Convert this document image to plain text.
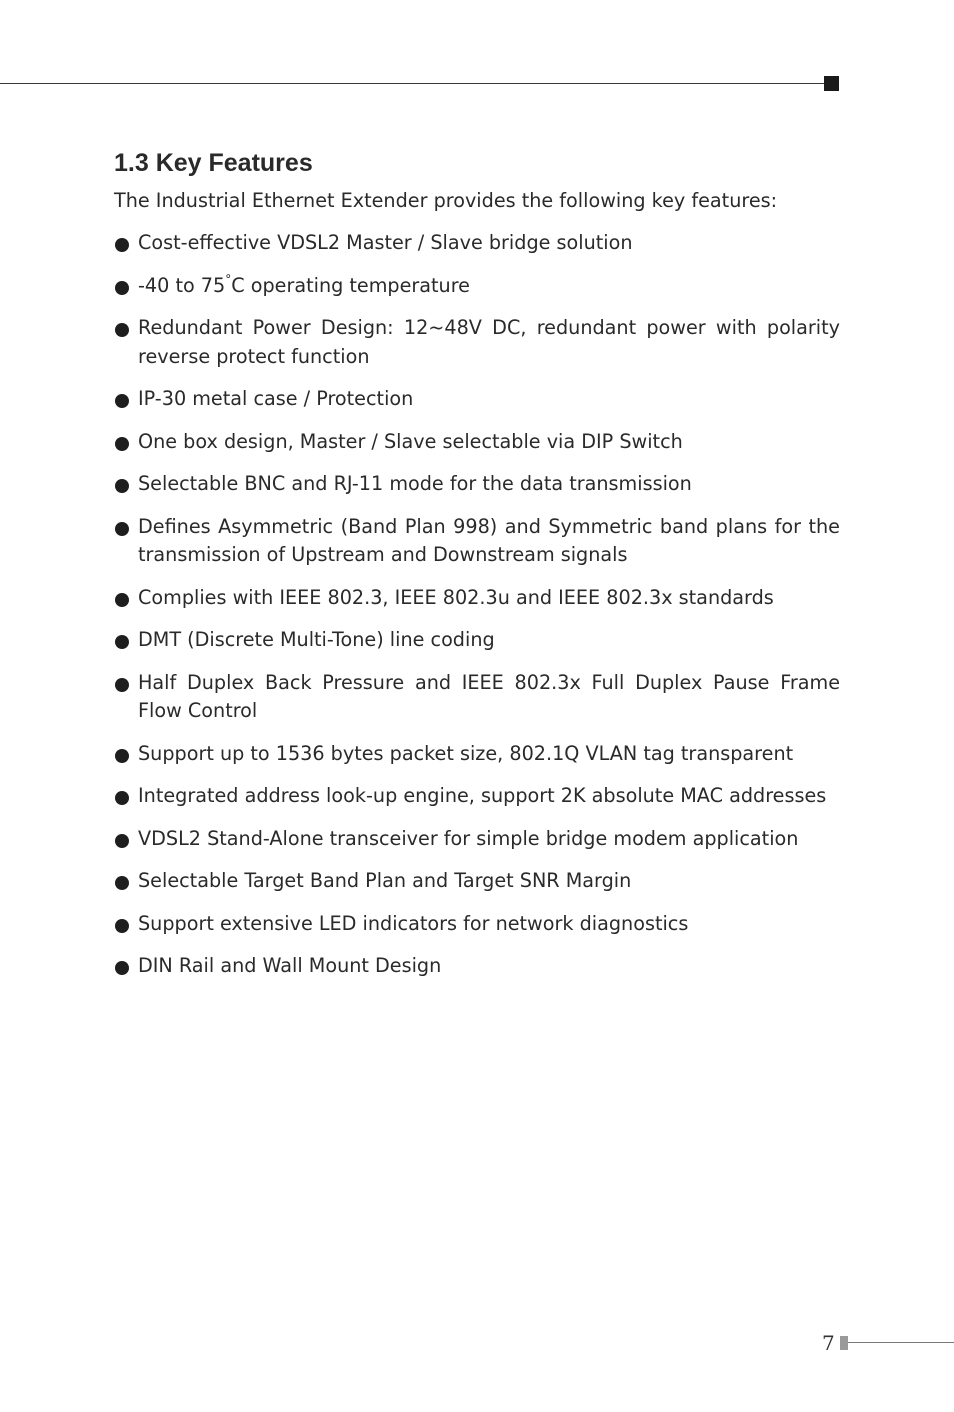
1.3 Key Features

The Industrial Ethernet Extender provides the following key features:

Cost-effective VDSL2 Master / Slave bridge solution
-40 to 75°C operating temperature
Redundant Power Design: 12~48V DC, redundant power with polarity reverse protect function
IP-30 metal case / Protection
One box design, Master / Slave selectable via DIP Switch
Selectable BNC and RJ-11 mode for the data transmission
Defines Asymmetric (Band Plan 998) and Symmetric band plans for the transmission of Upstream and Downstream signals
Complies with IEEE 802.3, IEEE 802.3u and IEEE 802.3x standards
DMT (Discrete Multi-Tone) line coding
Half Duplex Back Pressure and IEEE 802.3x Full Duplex Pause Frame Flow Control
Support up to 1536 bytes packet size, 802.1Q VLAN tag transparent
Integrated address look-up engine, support 2K absolute MAC addresses
VDSL2 Stand-Alone transceiver for simple bridge modem application
Selectable Target Band Plan and Target SNR Margin
Support extensive LED indicators for network diagnostics
DIN Rail and Wall Mount Design
7
